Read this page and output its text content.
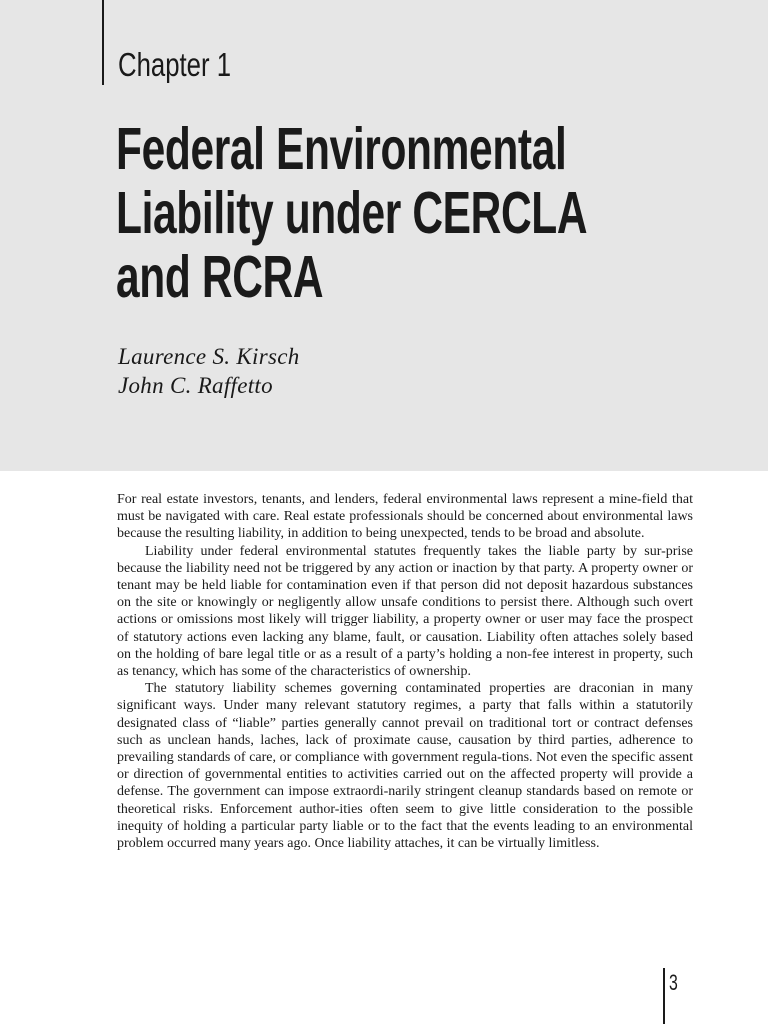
Chapter 1
Federal Environmental
Liability under CERCLA
and RCRA
Laurence S. Kirsch
John C. Raffetto

For real estate investors, tenants, and lenders, federal environmental laws represent a mine-field that must be navigated with care. Real estate professionals should be concerned about environmental laws because the resulting liability, in addition to being unexpected, tends to be broad and absolute.

Liability under federal environmental statutes frequently takes the liable party by sur-prise because the liability need not be triggered by any action or inaction by that party. A property owner or tenant may be held liable for contamination even if that person did not deposit hazardous substances on the site or knowingly or negligently allow unsafe conditions to persist there. Although such overt actions or omissions most likely will trigger liability, a property owner or user may face the prospect of statutory actions even lacking any blame, fault, or causation. Liability often attaches solely based on the holding of bare legal title or as a result of a party’s holding a non-fee interest in property, such as tenancy, which has some of the characteristics of ownership.

The statutory liability schemes governing contaminated properties are draconian in many significant ways. Under many relevant statutory regimes, a party that falls within a statutorily designated class of “liable” parties generally cannot prevail on traditional tort or contract defenses such as unclean hands, laches, lack of proximate cause, causation by third parties, adherence to prevailing standards of care, or compliance with government regula-tions. Not even the specific assent or direction of governmental entities to activities carried out on the affected property will provide a defense. The government can impose extraordi-narily stringent cleanup standards based on remote or theoretical risks. Enforcement author-ities often seem to give little consideration to the possible inequity of holding a particular party liable or to the fact that the events leading to an environmental problem occurred many years ago. Once liability attaches, it can be virtually limitless.

3
